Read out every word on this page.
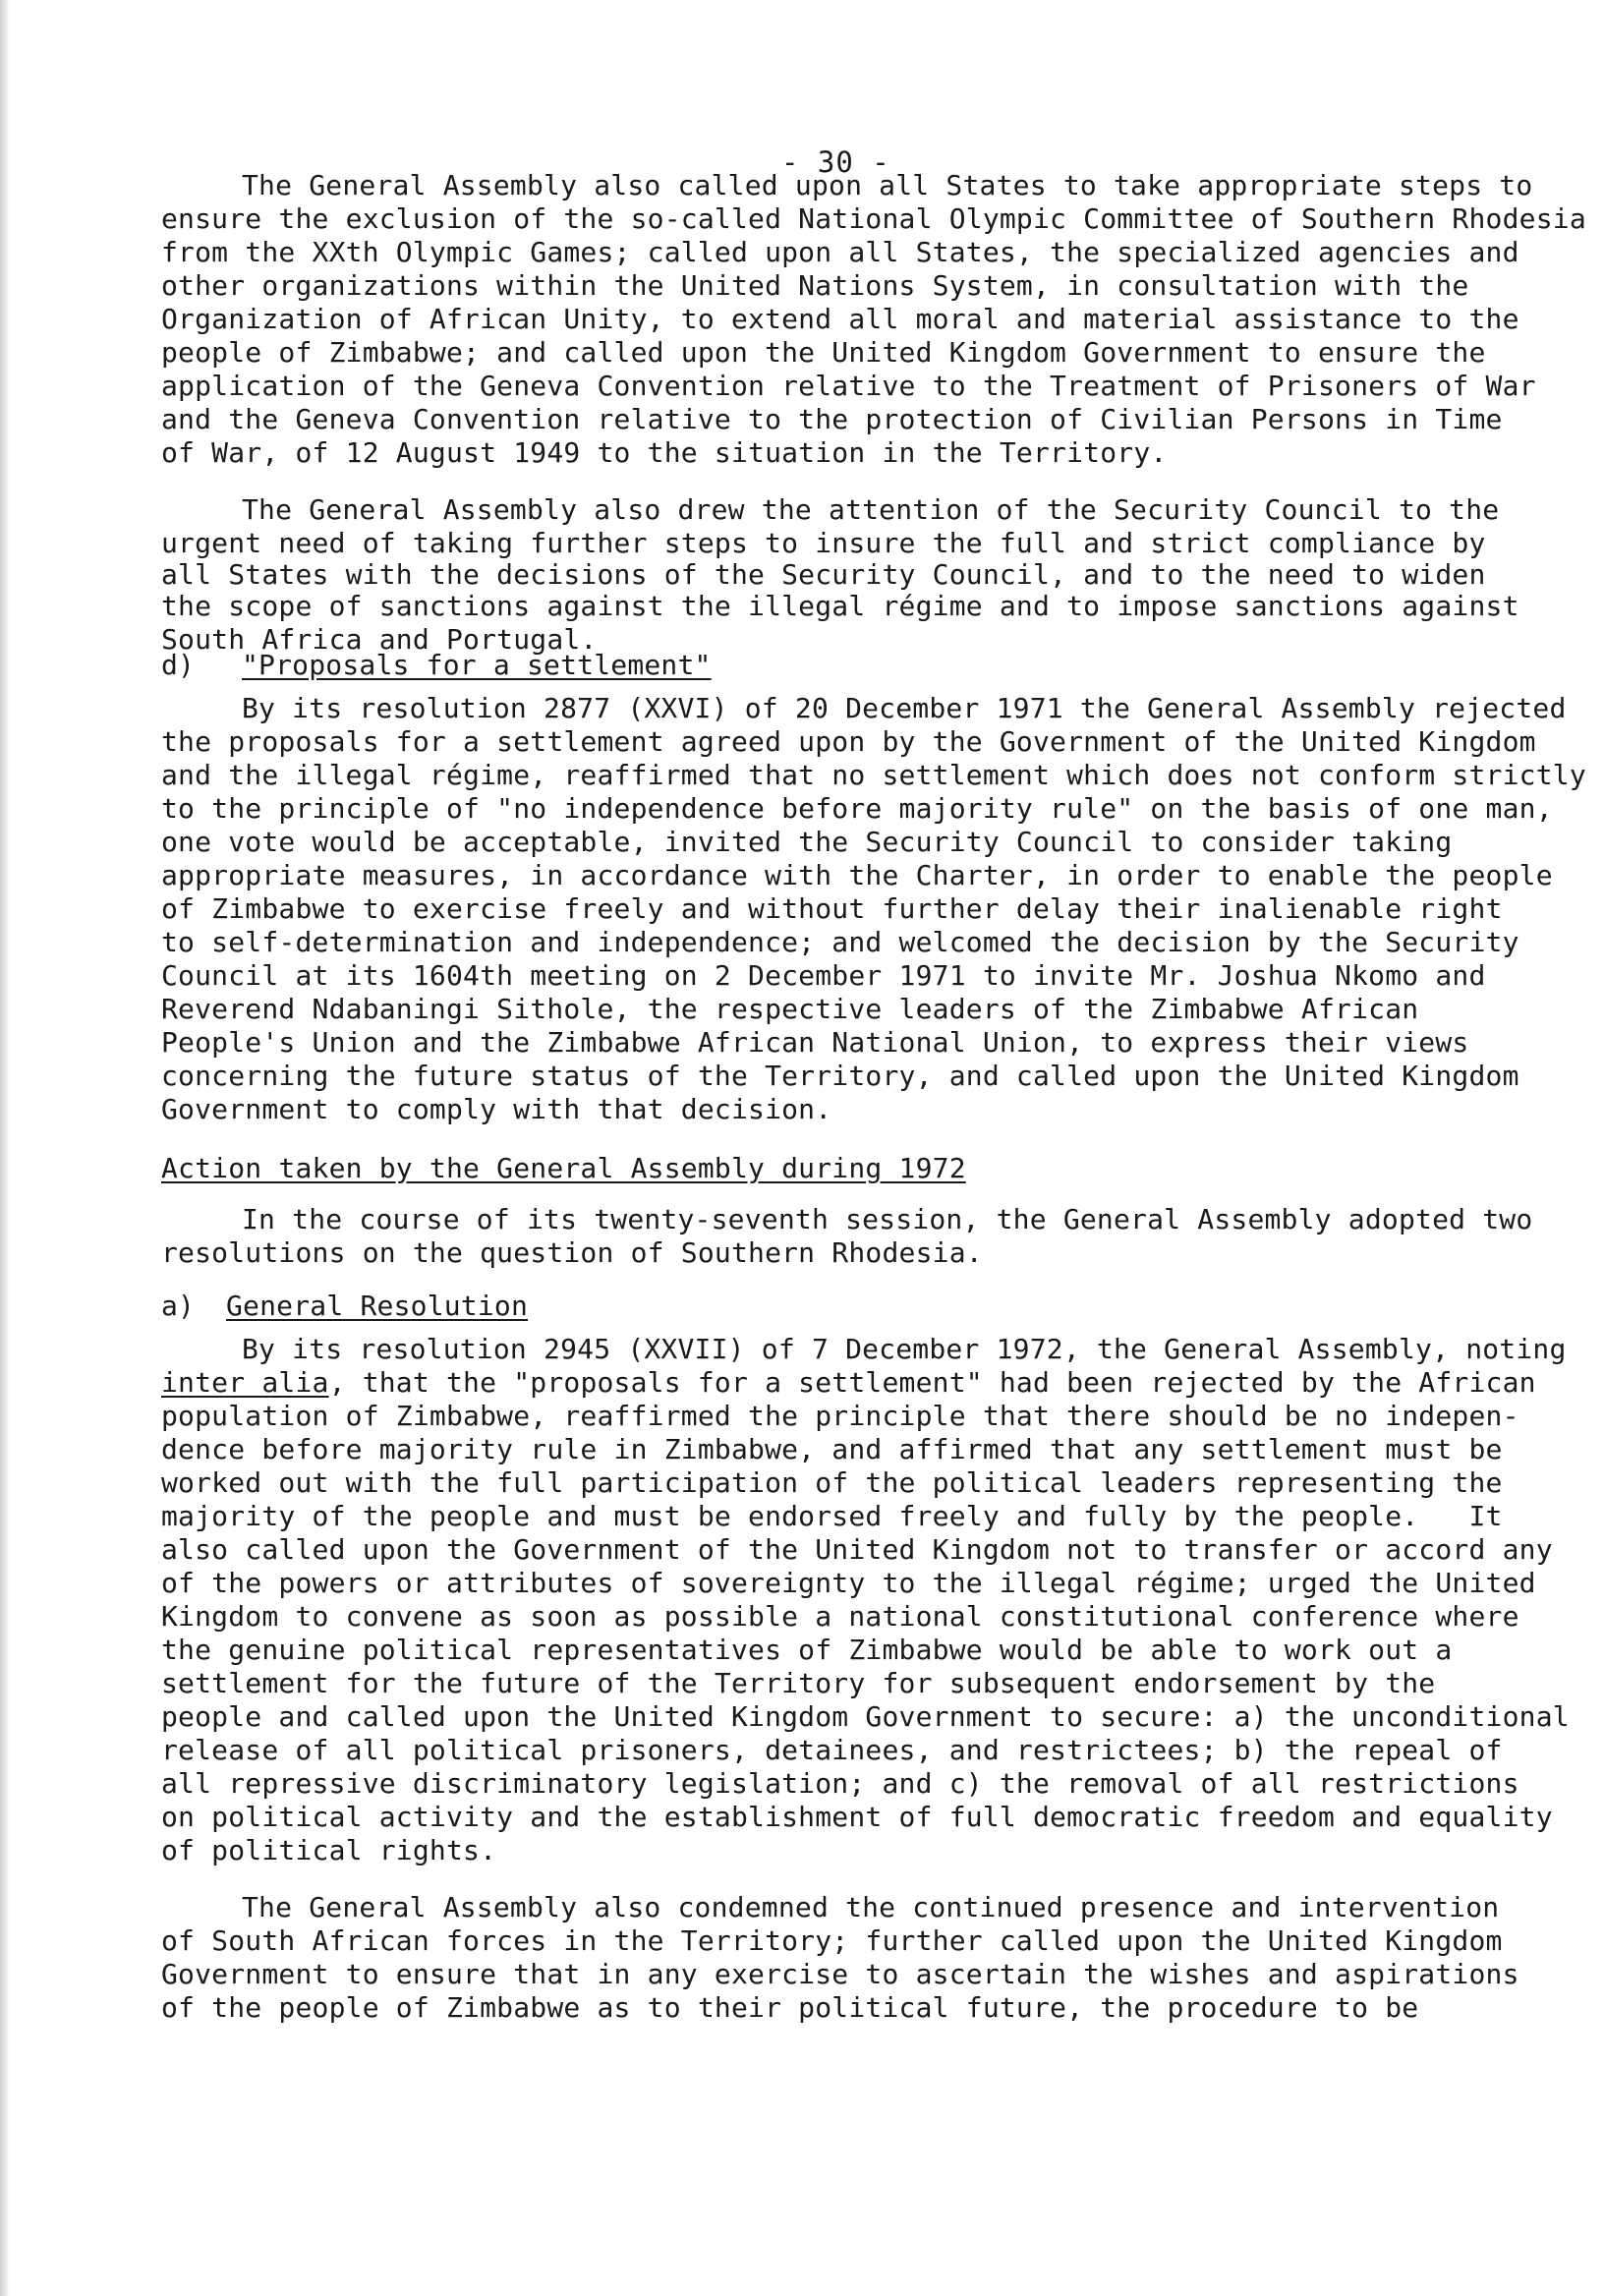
- 30 -
The General Assembly also called upon all States to take appropriate steps to
ensure the exclusion of the so-called National Olympic Committee of Southern Rhodesia
from the XXth Olympic Games; called upon all States, the specialized agencies and
other organizations within the United Nations System, in consultation with the
Organization of African Unity, to extend all moral and material assistance to the
people of Zimbabwe; and called upon the United Kingdom Government to ensure the
application of the Geneva Convention relative to the Treatment of Prisoners of War
and the Geneva Convention relative to the protection of Civilian Persons in Time
of War, of 12 August 1949 to the situation in the Territory.
The General Assembly also drew the attention of the Security Council to the
urgent need of taking further steps to insure the full and strict compliance by
all States with the decisions of the Security Council, and to the need to widen
the scope of sanctions against the illegal régime and to impose sanctions against
South Africa and Portugal.
d) "Proposals for a settlement"
By its resolution 2877 (XXVI) of 20 December 1971 the General Assembly rejected
the proposals for a settlement agreed upon by the Government of the United Kingdom
and the illegal régime, reaffirmed that no settlement which does not conform strictly
to the principle of "no independence before majority rule" on the basis of one man,
one vote would be acceptable, invited the Security Council to consider taking
appropriate measures, in accordance with the Charter, in order to enable the people
of Zimbabwe to exercise freely and without further delay their inalienable right
to self-determination and independence; and welcomed the decision by the Security
Council at its 1604th meeting on 2 December 1971 to invite Mr. Joshua Nkomo and
Reverend Ndabaningi Sithole, the respective leaders of the Zimbabwe African
People's Union and the Zimbabwe African National Union, to express their views
concerning the future status of the Territory, and called upon the United Kingdom
Government to comply with that decision.
Action taken by the General Assembly during 1972
In the course of its twenty-seventh session, the General Assembly adopted two
resolutions on the question of Southern Rhodesia.
a) General Resolution
By its resolution 2945 (XXVII) of 7 December 1972, the General Assembly, noting
inter alia, that the "proposals for a settlement" had been rejected by the African
population of Zimbabwe, reaffirmed the principle that there should be no indepen-
dence before majority rule in Zimbabwe, and affirmed that any settlement must be
worked out with the full participation of the political leaders representing the
majority of the people and must be endorsed freely and fully by the people.   It
also called upon the Government of the United Kingdom not to transfer or accord any
of the powers or attributes of sovereignty to the illegal régime; urged the United
Kingdom to convene as soon as possible a national constitutional conference where
the genuine political representatives of Zimbabwe would be able to work out a
settlement for the future of the Territory for subsequent endorsement by the
people and called upon the United Kingdom Government to secure: a) the unconditional
release of all political prisoners, detainees, and restrictees; b) the repeal of
all repressive discriminatory legislation; and c) the removal of all restrictions
on political activity and the establishment of full democratic freedom and equality
of political rights.
The General Assembly also condemned the continued presence and intervention
of South African forces in the Territory; further called upon the United Kingdom
Government to ensure that in any exercise to ascertain the wishes and aspirations
of the people of Zimbabwe as to their political future, the procedure to be
